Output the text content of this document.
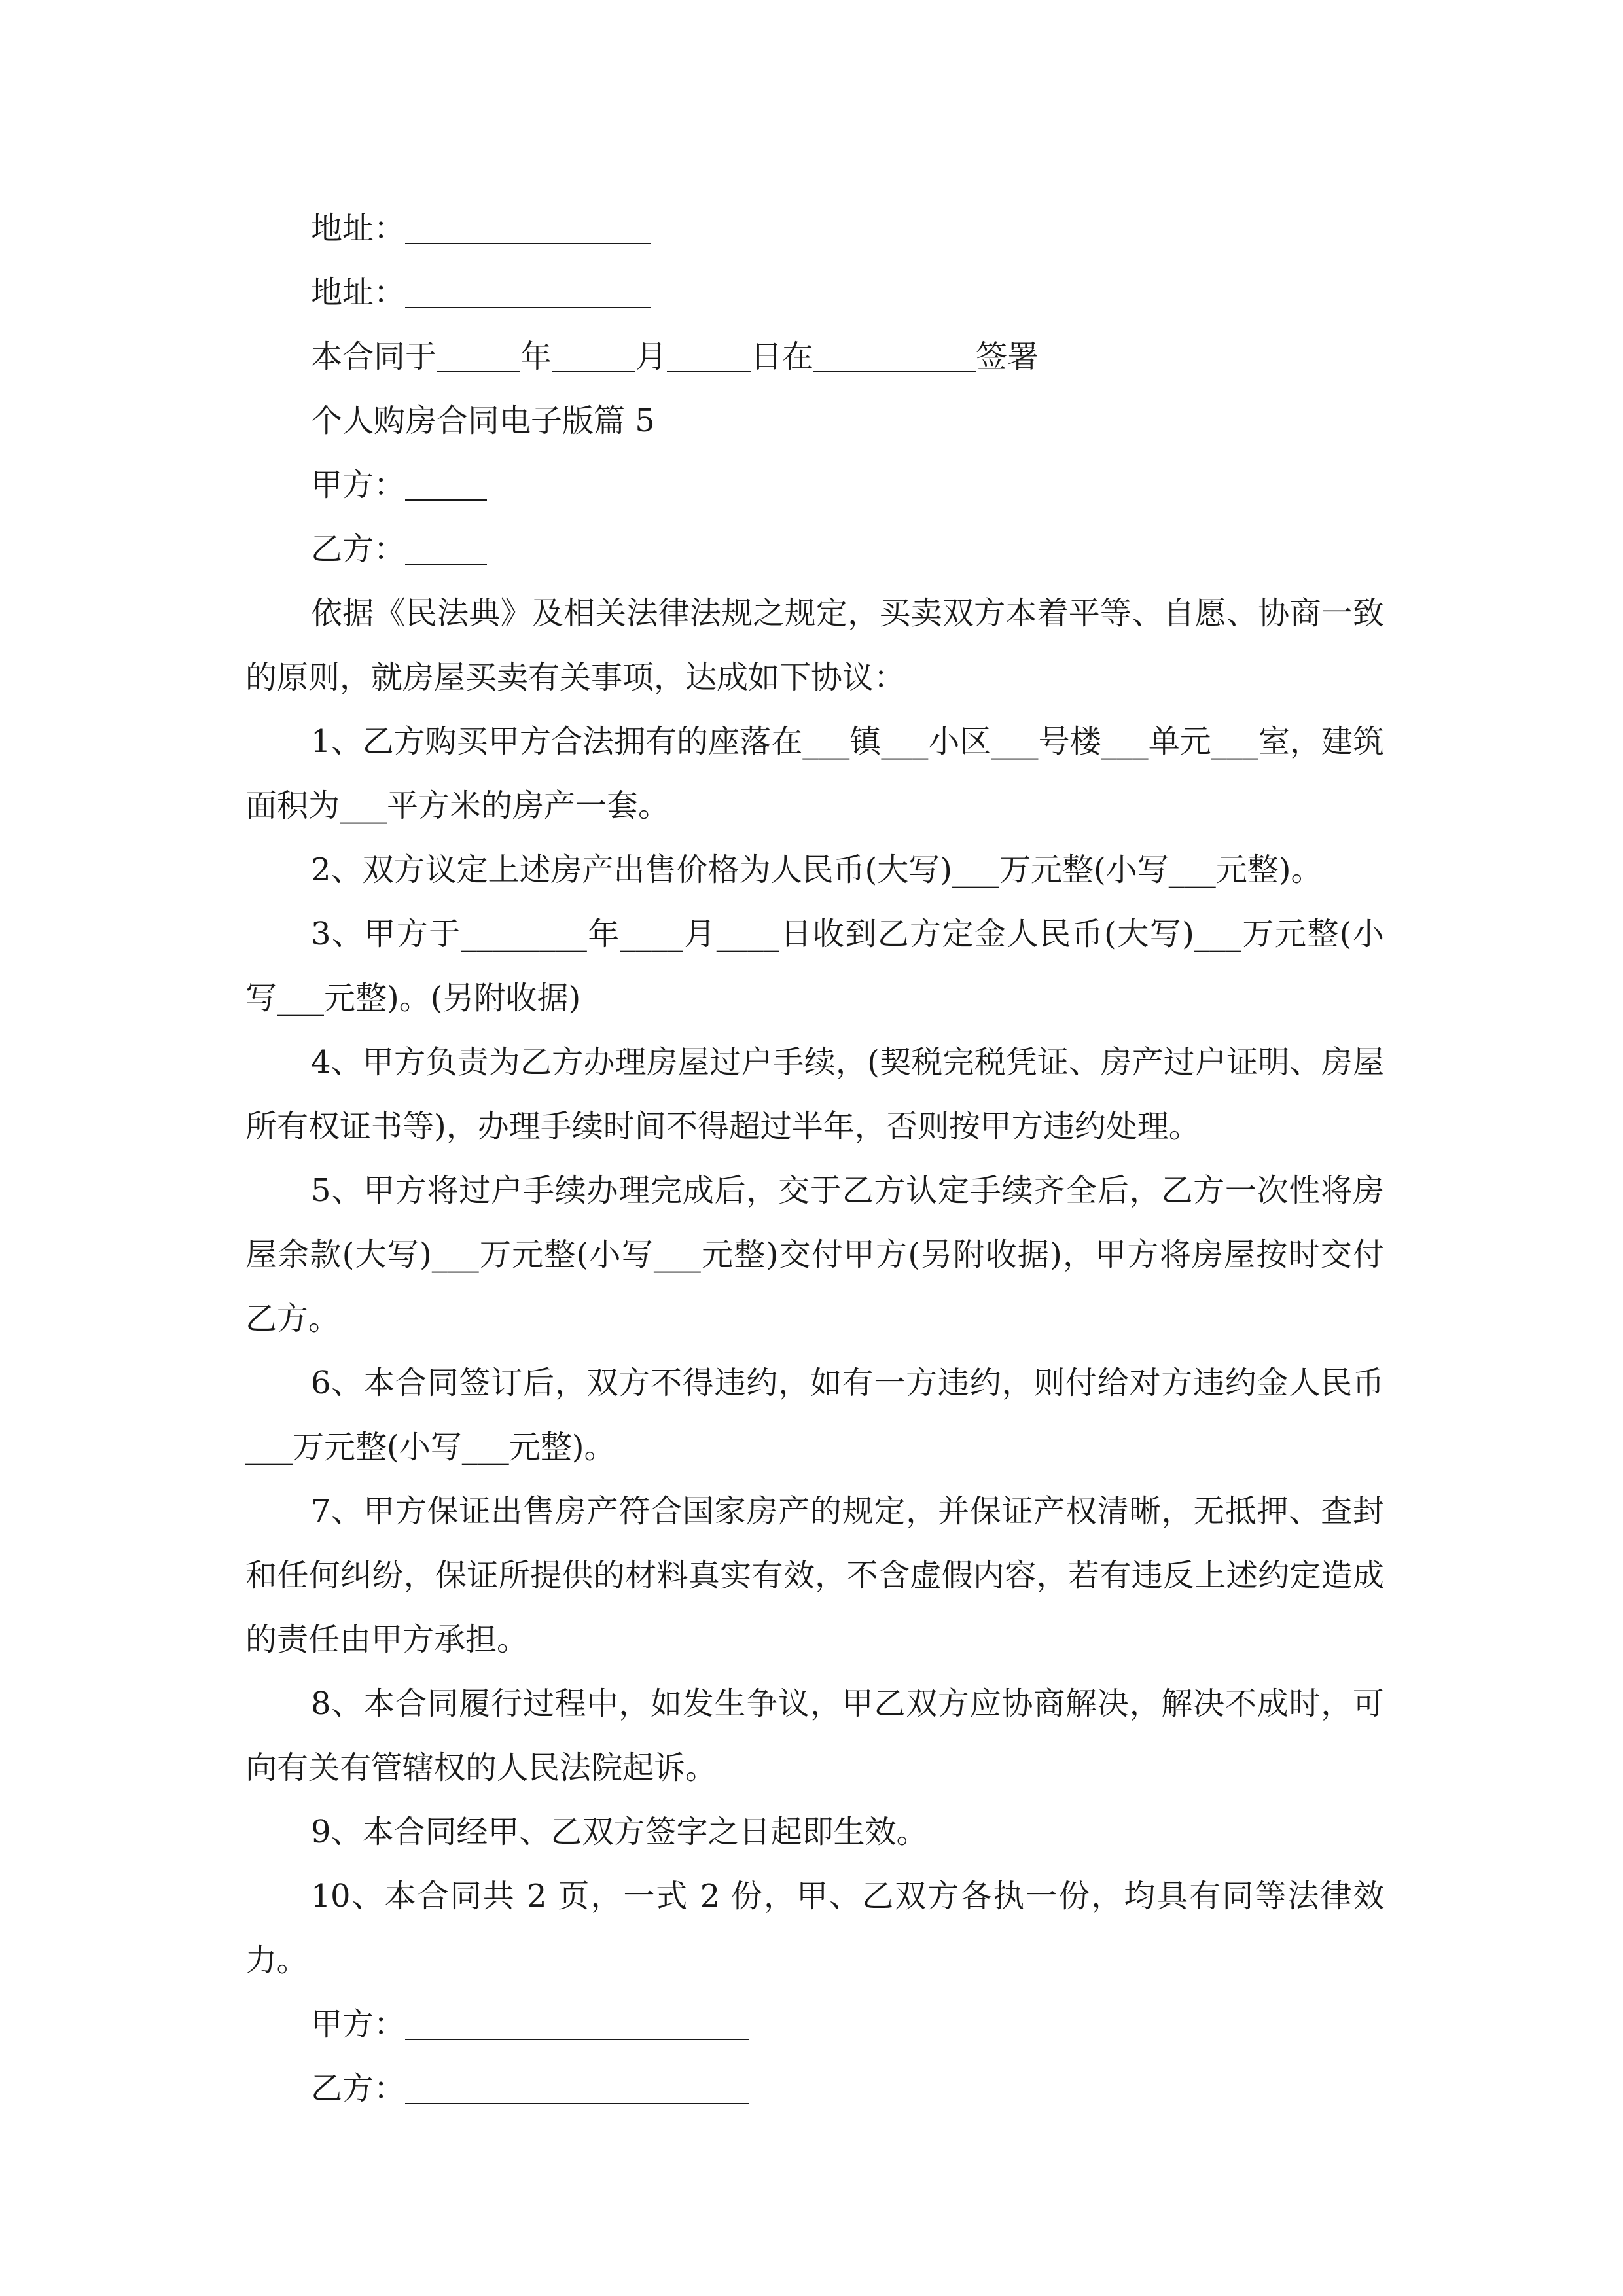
地址：
地址：
本合同于	年	月	日在	签署
个人购房合同电子版篇 5
甲方：
乙方：

依据《民法典》及相关法律法规之规定，买卖双方本着平等、自愿、协商一致的原则，就房屋买卖有关事项，达成如下协议：

1、乙方购买甲方合法拥有的座落在___镇___小区___号楼___单元___室，建筑面积为___平方米的房产一套。

2、双方议定上述房产出售价格为人民币(大写)___万元整(小写___元整)。

3、甲方于________年____月____日收到乙方定金人民币(大写)___万元整(小写___元整)。(另附收据)

4、甲方负责为乙方办理房屋过户手续，(契税完税凭证、房产过户证明、房屋所有权证书等)，办理手续时间不得超过半年，否则按甲方违约处理。

5、甲方将过户手续办理完成后，交于乙方认定手续齐全后，乙方一次性将房屋余款(大写)___万元整(小写___元整)交付甲方(另附收据)，甲方将房屋按时交付乙方。

6、本合同签订后，双方不得违约，如有一方违约，则付给对方违约金人民币___万元整(小写___元整)。

7、甲方保证出售房产符合国家房产的规定，并保证产权清晰，无抵押、查封和任何纠纷，保证所提供的材料真实有效，不含虚假内容，若有违反上述约定造成的责任由甲方承担。

8、本合同履行过程中，如发生争议，甲乙双方应协商解决，解决不成时，可向有关有管辖权的人民法院起诉。

9、本合同经甲、乙双方签字之日起即生效。

10、本合同共 2 页，一式 2 份，甲、乙双方各执一份，均具有同等法律效力。

甲方：
乙方：
